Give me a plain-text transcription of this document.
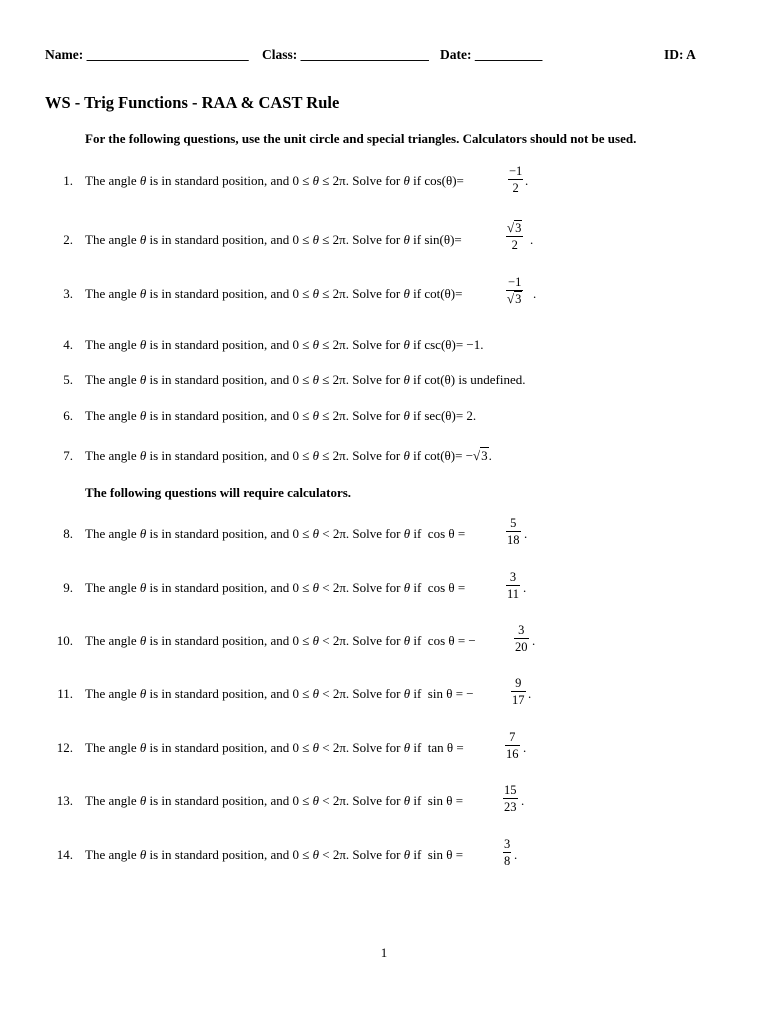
Name: ________________________ Class: ___________________ Date: __________	ID: A
WS - Trig Functions - RAA & CAST Rule
For the following questions, use the unit circle and special triangles. Calculators should not be used.
1. The angle θ is in standard position, and 0 ≤ θ ≤ 2π. Solve for θ if cos(θ)=	$\frac{-1}{2}$ .
2. The angle θ is in standard position, and 0 ≤ θ ≤ 2π. Solve for θ if sin(θ)=	$\frac{√3}{2}$ .
3. The angle θ is in standard position, and 0 ≤ θ ≤ 2π. Solve for θ if cot(θ)=	$\frac{-1}{√3}$ .
4. The angle θ is in standard position, and 0 ≤ θ ≤ 2π. Solve for θ if csc(θ)= −1.
5. The angle θ is in standard position, and 0 ≤ θ ≤ 2π. Solve for θ if cot(θ) is undefined.
6. The angle θ is in standard position, and 0 ≤ θ ≤ 2π. Solve for θ if sec(θ)= 2.
7. The angle θ is in standard position, and 0 ≤ θ ≤ 2π. Solve for θ if cot(θ)= −√3.
The following questions will require calculators.
8. The angle θ is in standard position, and 0 ≤ θ < 2π. Solve for θ if cos θ =	$\frac{5}{18}$ .
9. The angle θ is in standard position, and 0 ≤ θ < 2π. Solve for θ if cos θ =	$\frac{3}{11}$ .
10. The angle θ is in standard position, and 0 ≤ θ < 2π. Solve for θ if cos θ = −	$\frac{3}{20}$ .
11. The angle θ is in standard position, and 0 ≤ θ < 2π. Solve for θ if sin θ = −	$\frac{9}{17}$ .
12. The angle θ is in standard position, and 0 ≤ θ < 2π. Solve for θ if tan θ =	$\frac{7}{16}$ .
13. The angle θ is in standard position, and 0 ≤ θ < 2π. Solve for θ if sin θ =	$\frac{15}{23}$ .
14. The angle θ is in standard position, and 0 ≤ θ < 2π. Solve for θ if sin θ =	$\frac{3}{8}$ .
1
